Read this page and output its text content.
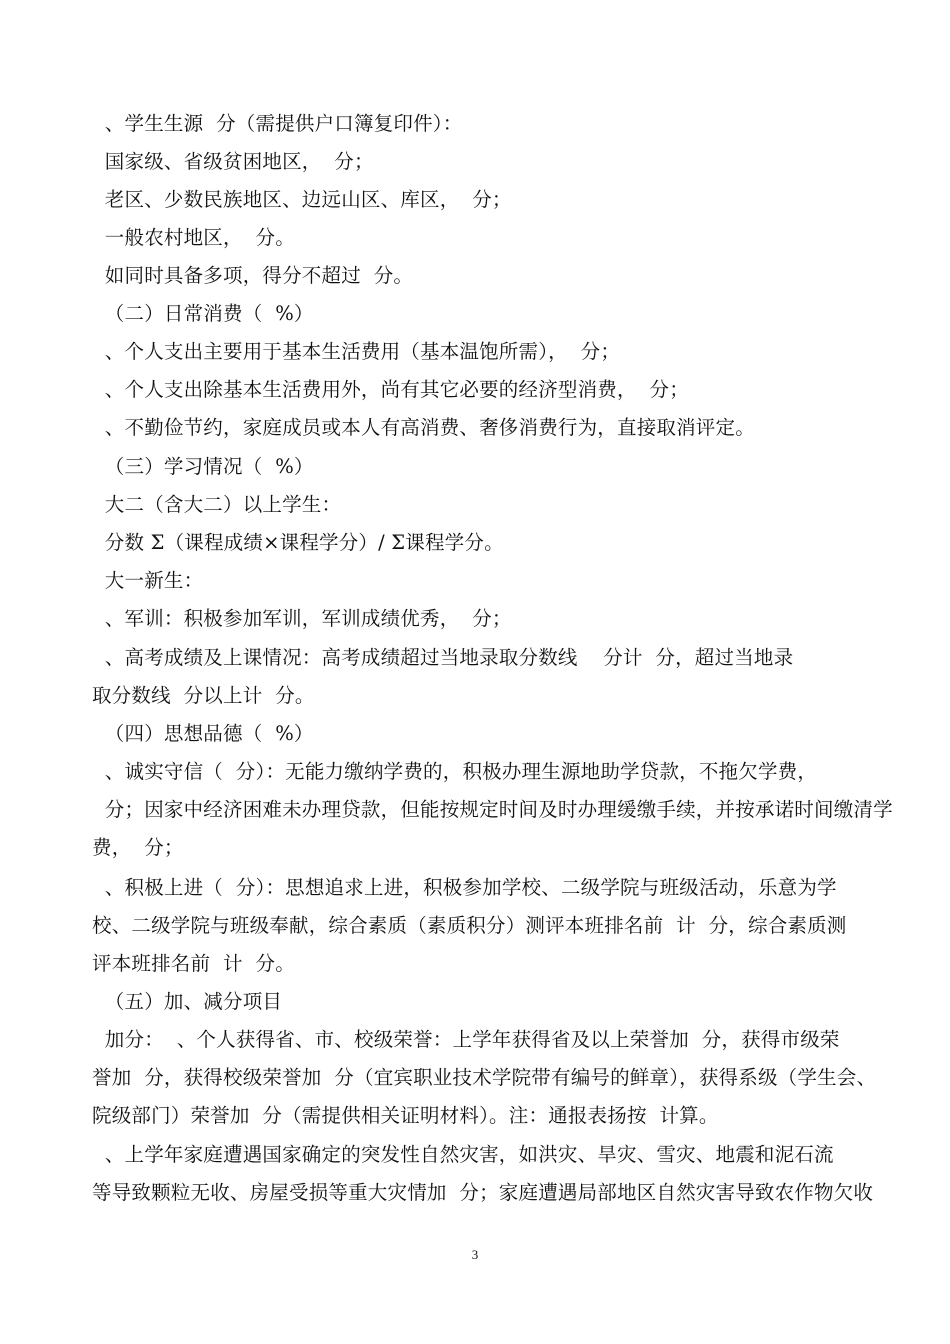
、学生生源  分（需提供户口簿复印件）：
国家级、省级贫困地区，  分；
老区、少数民族地区、边远山区、库区，  分；
一般农村地区，  分。
如同时具备多项，得分不超过  分。
（二）日常消费（  %）
、个人支出主要用于基本生活费用（基本温饱所需），  分；
、个人支出除基本生活费用外，尚有其它必要的经济型消费，  分；
、不勤俭节约，家庭成员或本人有高消费、奢侈消费行为，直接取消评定。
（三）学习情况（  %）
大二（含大二）以上学生：
分数 Σ（课程成绩×课程学分）/ Σ课程学分。
大一新生：
、军训：积极参加军训，军训成绩优秀，  分；
、高考成绩及上课情况：高考成绩超过当地录取分数线    分计  分，超过当地录
取分数线  分以上计  分。
（四）思想品德（  %）
、诚实守信（  分）：无能力缴纳学费的，积极办理生源地助学贷款，不拖欠学费，
分；因家中经济困难未办理贷款，但能按规定时间及时办理缓缴手续，并按承诺时间缴清学
费，  分；
、积极上进（  分）：思想追求上进，积极参加学校、二级学院与班级活动，乐意为学
校、二级学院与班级奉献，综合素质（素质积分）测评本班排名前  计  分，综合素质测
评本班排名前  计  分。
（五）加、减分项目
加分：  、个人获得省、市、校级荣誉：上学年获得省及以上荣誉加  分，获得市级荣
誉加  分，获得校级荣誉加  分（宜宾职业技术学院带有编号的鲜章），获得系级（学生会、
院级部门）荣誉加  分（需提供相关证明材料）。注：通报表扬按  计算。
、上学年家庭遭遇国家确定的突发性自然灾害，如洪灾、旱灾、雪灾、地震和泥石流
等导致颗粒无收、房屋受损等重大灾情加  分；家庭遭遇局部地区自然灾害导致农作物欠收
3
